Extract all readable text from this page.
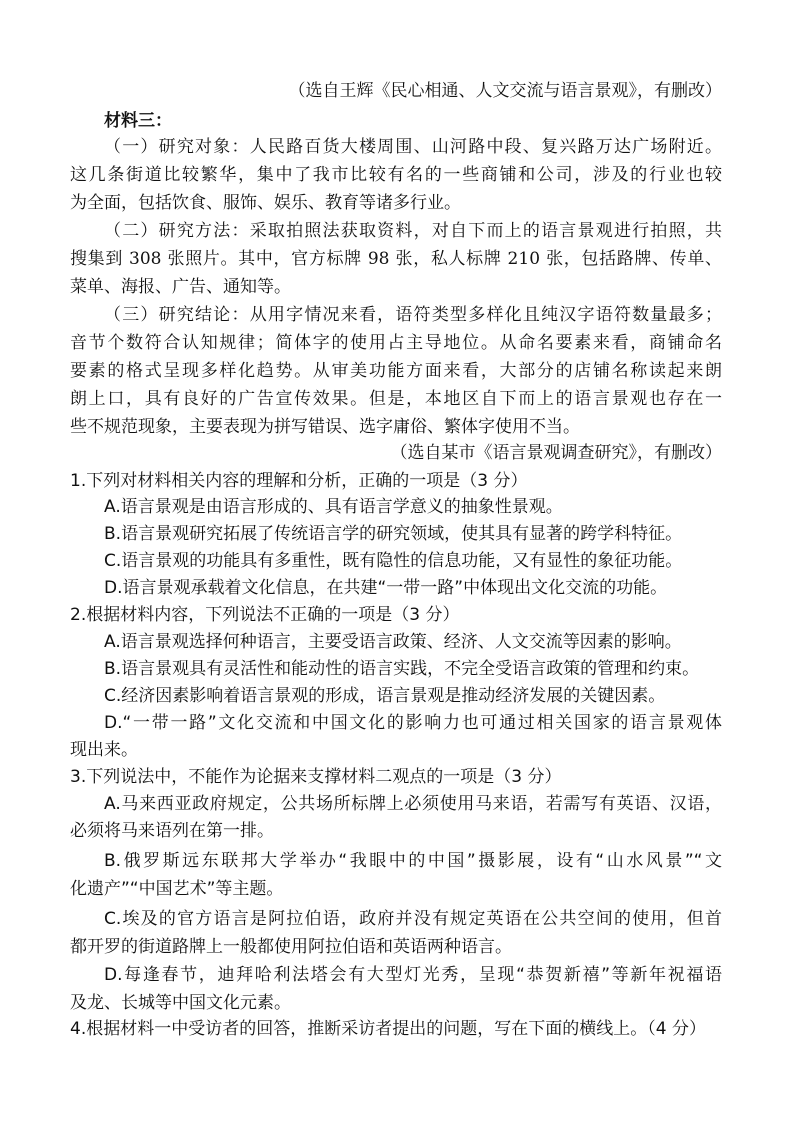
（选自王辉《民心相通、人文交流与语言景观》，有删改）
材料三：
（一）研究对象：人民路百货大楼周围、山河路中段、复兴路万达广场附近。
这几条街道比较繁华，集中了我市比较有名的一些商铺和公司，涉及的行业也较
为全面，包括饮食、服饰、娱乐、教育等诸多行业。
（二）研究方法：采取拍照法获取资料，对自下而上的语言景观进行拍照，共
搜集到 308 张照片。其中，官方标牌 98 张，私人标牌 210 张，包括路牌、传单、
菜单、海报、广告、通知等。
（三）研究结论：从用字情况来看，语符类型多样化且纯汉字语符数量最多；
音节个数符合认知规律；简体字的使用占主导地位。从命名要素来看，商铺命名
要素的格式呈现多样化趋势。从审美功能方面来看，大部分的店铺名称读起来朗
朗上口，具有良好的广告宣传效果。但是，本地区自下而上的语言景观也存在一
些不规范现象，主要表现为拼写错误、选字庸俗、繁体字使用不当。
（选自某市《语言景观调查研究》，有删改）
1.下列对材料相关内容的理解和分析，正确的一项是（3 分）
A.语言景观是由语言形成的、具有语言学意义的抽象性景观。
B.语言景观研究拓展了传统语言学的研究领域，使其具有显著的跨学科特征。
C.语言景观的功能具有多重性，既有隐性的信息功能，又有显性的象征功能。
D.语言景观承载着文化信息，在共建“一带一路”中体现出文化交流的功能。
2.根据材料内容，下列说法不正确的一项是（3 分）
A.语言景观选择何种语言，主要受语言政策、经济、人文交流等因素的影响。
B.语言景观具有灵活性和能动性的语言实践，不完全受语言政策的管理和约束。
C.经济因素影响着语言景观的形成，语言景观是推动经济发展的关键因素。
D.“一带一路”文化交流和中国文化的影响力也可通过相关国家的语言景观体
现出来。
3.下列说法中，不能作为论据来支撑材料二观点的一项是（3 分）
A.马来西亚政府规定，公共场所标牌上必须使用马来语，若需写有英语、汉语，
必须将马来语列在第一排。
B.俄罗斯远东联邦大学举办“我眼中的中国”摄影展，设有“山水风景”“文
化遗产”“中国艺术”等主题。
C.埃及的官方语言是阿拉伯语，政府并没有规定英语在公共空间的使用，但首
都开罗的街道路牌上一般都使用阿拉伯语和英语两种语言。
D.每逢春节，迪拜哈利法塔会有大型灯光秀，呈现“恭贺新禧”等新年祝福语
及龙、长城等中国文化元素。
4.根据材料一中受访者的回答，推断采访者提出的问题，写在下面的横线上。（4 分）
